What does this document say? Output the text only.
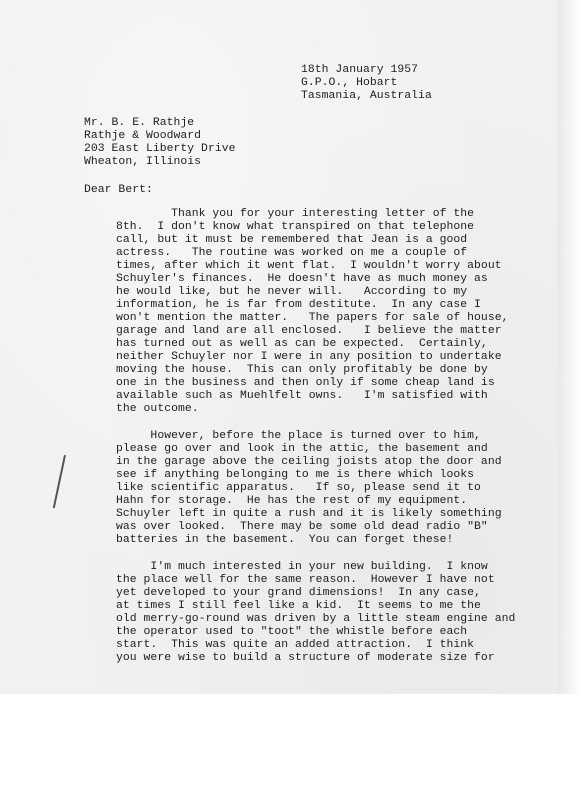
18th January 1957
G.P.O., Hobart
Tasmania, Australia
Mr. B. E. Rathje
Rathje & Woodward
203 East Liberty Drive
Wheaton, Illinois
Dear Bert:
Thank you for your interesting letter of the
8th.  I don't know what transpired on that telephone
call, but it must be remembered that Jean is a good
actress.   The routine was worked on me a couple of
times, after which it went flat.  I wouldn't worry about
Schuyler's finances.  He doesn't have as much money as
he would like, but he never will.   According to my
information, he is far from destitute.  In any case I
won't mention the matter.   The papers for sale of house,
garage and land are all enclosed.   I believe the matter
has turned out as well as can be expected.  Certainly,
neither Schuyler nor I were in any position to undertake
moving the house.  This can only profitably be done by
one in the business and then only if some cheap land is
available such as Muehlfelt owns.   I'm satisfied with
the outcome.
However, before the place is turned over to him,
please go over and look in the attic, the basement and
in the garage above the ceiling joists atop the door and
see if anything belonging to me is there which looks
like scientific apparatus.   If so, please send it to
Hahn for storage.  He has the rest of my equipment.
Schuyler left in quite a rush and it is likely something
was over looked.  There may be some old dead radio "B"
batteries in the basement.  You can forget these!
I'm much interested in your new building.  I know
the place well for the same reason.  However I have not
yet developed to your grand dimensions!  In any case,
at times I still feel like a kid.  It seems to me the
old merry-go-round was driven by a little steam engine and
the operator used to "toot" the whistle before each
start.  This was quite an added attraction.  I think
you were wise to build a structure of moderate size for
